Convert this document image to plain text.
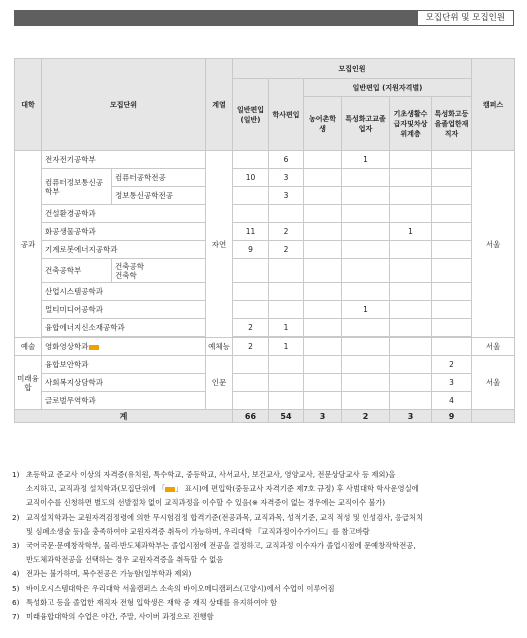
모집단위 및 모집인원
대학	모집단위		계열	모집인원						캠퍼스
				일반편입(일반)	학사편입	일반편입 (지원자격별)				
						농어촌학생	특성화고교졸업자	기초생활수급자및차상위계층	특성화고등을졸업한재직자	
공과	전자전기공학부		자연		6		1			서울
	컴퓨터정보통신공학부	컴퓨터공학전공		10	3					
		정보통신공학전공			3					
	건설환경공학과									
	화공생물공학과			11	2			1		
	기계로봇에너지공학과			9	2					
	건축공학부	건축공학
건축학								
	산업시스템공학과									
	멀티미디어공학과						1			
	융합에너지신소재공학과			2	1					

예술	영화영상학과		예체능	2	1					서울
미래융합	융합보안학과		인문						2	서울
	사회복지상담학과								3	
	글로벌무역학과								4	
계				66	54	3	2	3	9	
1) 초등학교 준교사 이상의 자격증(유치원, 특수학교, 중등학교, 사서교사, 보건교사, 영양교사, 전문상담교사 등 제외)을
소지하고, 교직과정 설치학과(모집단위에 「 」 표시)에 편입학(중등교사 자격기준 제7호 규정) 후 사범대학 학사운영실에
교직이수를 신청하면 별도의 선발절차 없이 교직과정을 이수할 수 있음(※ 자격증이 없는 경우에는 교직이수 불가)
2) 교직설치학과는 교원자격검정령에 의한 무시험검정 합격기준(전공과목, 교직과목, 성적기준, 교직 적성 및 인성검사, 응급처치
및 심폐소생술 등)을 충족하여야 교원자격증 취득이 가능하며, 우리대학 『교직과정이수가이드』를 참고바람
3) 국어국문·문예창작학부, 물리·반도체과학부는 졸업시점에 전공을 결정하고, 교직과정 이수자가 졸업시점에 문예창작학전공,
반도체과학전공을 선택하는 경우 교원자격증을 취득할 수 없음
4) 전과는 불가하며, 복수전공은 가능함(일부학과 제외)
5) 바이오시스템대학은 우리대학 서울캠퍼스 소속의 바이오메디캠퍼스(고양시)에서 수업이 이루어짐
6) 특성화고 등을 졸업한 재직자 전형 입학생은 재학 중 재직 상태를 유지하여야 함
7) 미래융합대학의 수업은 야간, 주말, 사이버 과정으로 진행함
